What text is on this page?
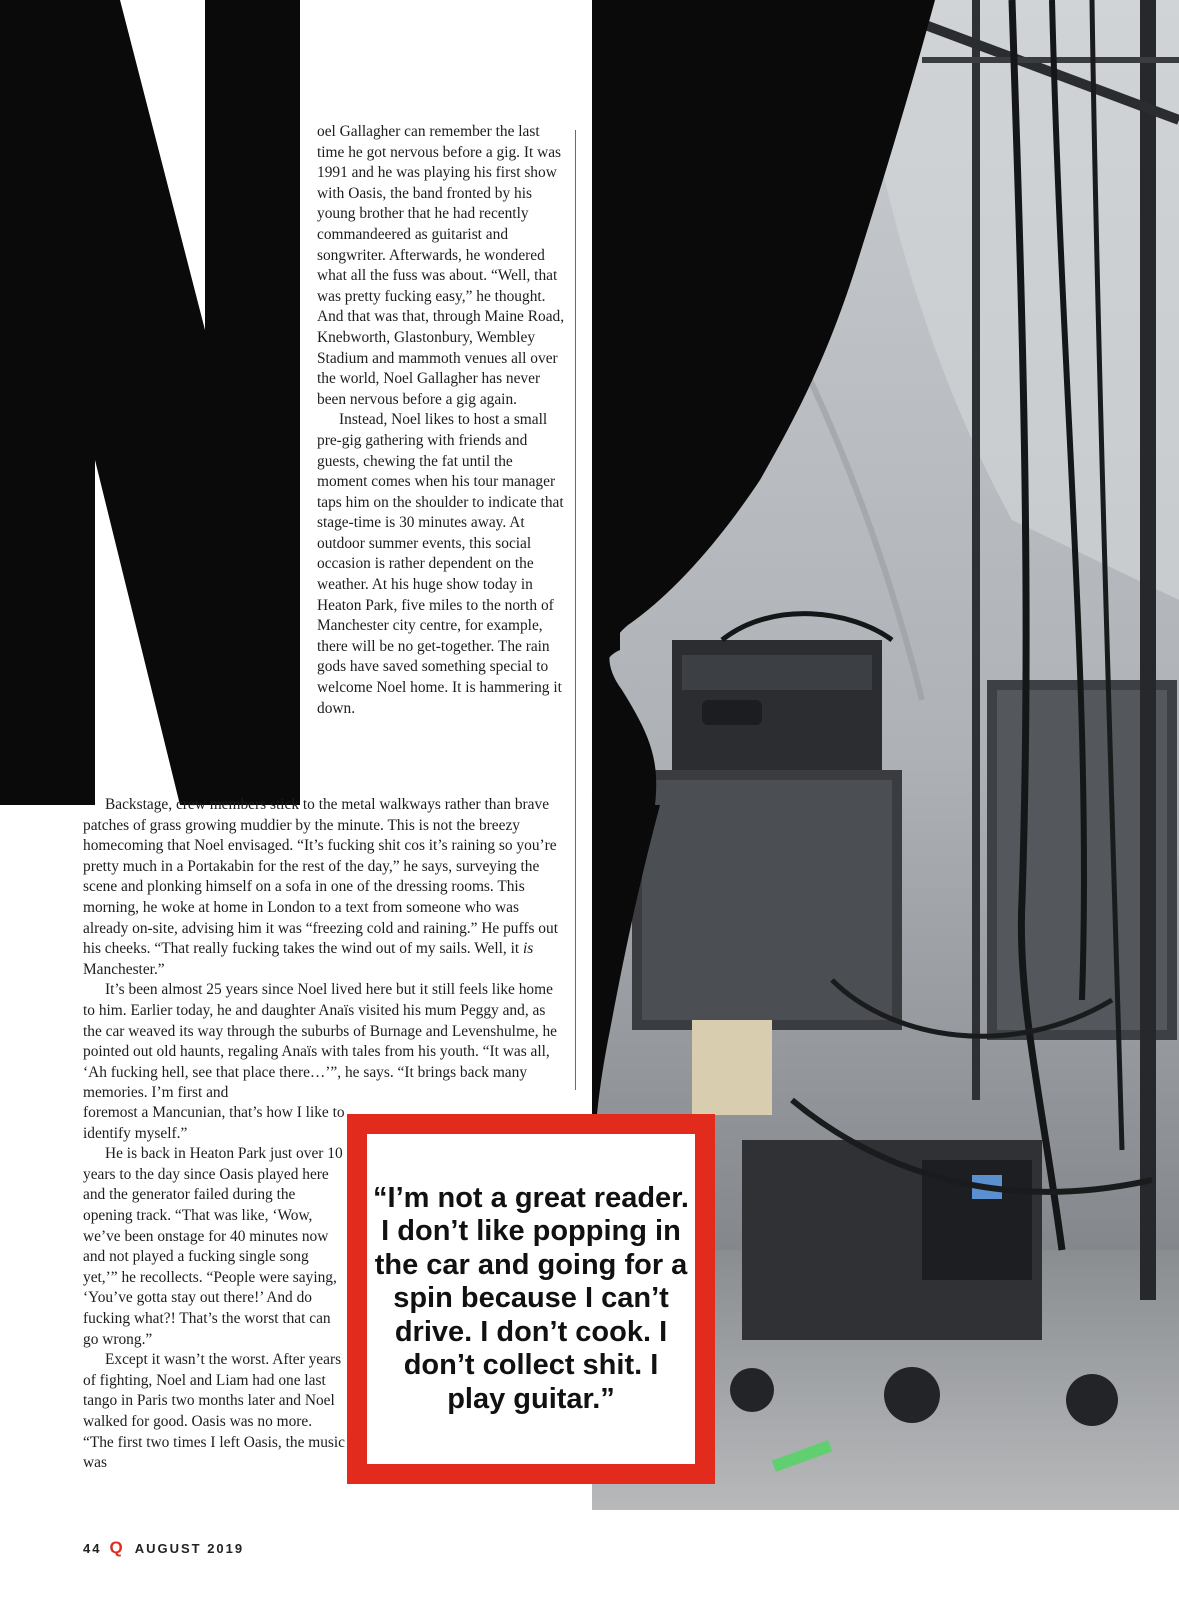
oel Gallagher can remember the last time he got nervous before a gig. It was 1991 and he was playing his first show with Oasis, the band fronted by his young brother that he had recently commandeered as guitarist and songwriter. Afterwards, he wondered what all the fuss was about. “Well, that was pretty fucking easy,” he thought. And that was that, through Maine Road, Knebworth, Glastonbury, Wembley Stadium and mammoth venues all over the world, Noel Gallagher has never been nervous before a gig again.

Instead, Noel likes to host a small pre-gig gathering with friends and guests, chewing the fat until the moment comes when his tour manager taps him on the shoulder to indicate that stage-time is 30 minutes away. At outdoor summer events, this social occasion is rather dependent on the weather. At his huge show today in Heaton Park, five miles to the north of Manchester city centre, for example, there will be no get-together. The rain gods have saved something special to welcome Noel home. It is hammering it down.

Backstage, crew members stick to the metal walkways rather than brave patches of grass growing muddier by the minute. This is not the breezy homecoming that Noel envisaged. “It’s fucking shit cos it’s raining so you’re pretty much in a Portakabin for the rest of the day,” he says, surveying the scene and plonking himself on a sofa in one of the dressing rooms. This morning, he woke at home in London to a text from someone who was already on-site, advising him it was “freezing cold and raining.” He puffs out his cheeks. “That really fucking takes the wind out of my sails. Well, it is Manchester.”

It’s been almost 25 years since Noel lived here but it still feels like home to him. Earlier today, he and daughter Anaïs visited his mum Peggy and, as the car weaved its way through the suburbs of Burnage and Levenshulme, he pointed out old haunts, regaling Anaïs with tales from his youth. “It was all, ‘Ah fucking hell, see that place there…’”, he says. “It brings back many memories. I’m first and

foremost a Mancunian, that’s how I like to identify myself.”

He is back in Heaton Park just over 10 years to the day since Oasis played here and the generator failed during the opening track. “That was like, ‘Wow, we’ve been onstage for 40 minutes now and not played a fucking single song yet,’” he recollects. “People were saying, ‘You’ve gotta stay out there!’ And do fucking what?! That’s the worst that can go wrong.”

Except it wasn’t the worst. After years of fighting, Noel and Liam had one last tango in Paris two months later and Noel walked for good. Oasis was no more. “The first two times I left Oasis, the music was

“I’m not a great reader. I don’t like popping in the car and going for a spin because I can’t drive. I don’t cook. I don’t collect shit. I play guitar.”

44 Q AUGUST 2019
